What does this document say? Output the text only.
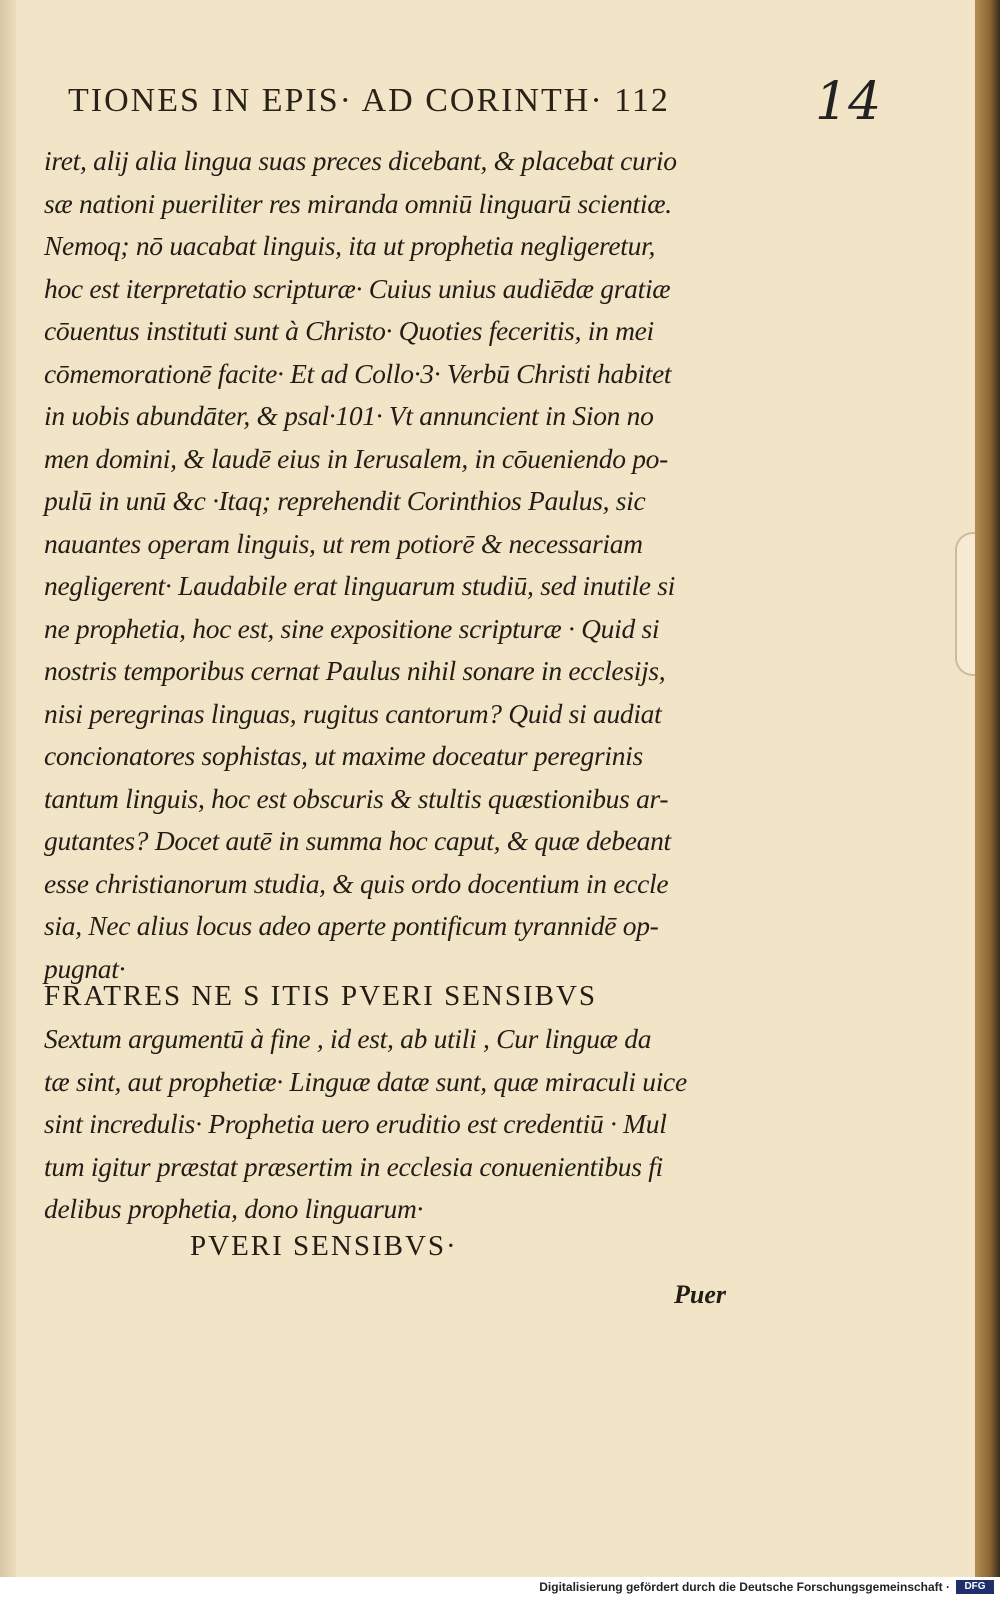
TIONES IN EPIS· AD CORINTH· 112	14
iret, alij alia lingua suas preces dicebant, & placebat curio
sæ nationi pueriliter res miranda omniū linguarū scientiæ.
Nemoq; nō uacabat linguis, ita ut prophetia negligeretur,
hoc est iterpretatio scripturæ· Cuius unius audiēdæ gratiæ
cōuentus instituti sunt à Christo· Quoties feceritis, in mei
cōmemorationē facite· Et ad Collo·3· Verbū Christi habitet
in uobis abundāter, & psal·101· Vt annuncient in Sion no
men domini, & laudē eius in Ierusalem, in cōueniendo po-
pulū in unū &c ·Itaq; reprehendit Corinthios Paulus, sic
nauantes operam linguis, ut rem potiorē & necessariam
negligerent· Laudabile erat linguarum studiū, sed inutile si
ne prophetia, hoc est, sine expositione scripturæ · Quid si
nostris temporibus cernat Paulus nihil sonare in ecclesijs,
nisi peregrinas linguas, rugitus cantorum? Quid si audiat
concionatores sophistas, ut maxime doceatur peregrinis
tantum linguis, hoc est obscuris & stultis quæstionibus ar-
gutantes? Docet autē in summa hoc caput, & quæ debeant
esse christianorum studia, & quis ordo docentium in eccle
sia, Nec alius locus adeo aperte pontificum tyrannidē op-
pugnat·
FRATRES NE S ITIS PVERI SENSIBVS
Sextum argumentū à fine , id est, ab utili , Cur linguæ da
tæ sint, aut prophetiæ· Linguæ datæ sunt, quæ miraculi uice
sint incredulis· Prophetia uero eruditio est credentiū · Mul
tum igitur præstat præsertim in ecclesia conuenientibus fi
delibus prophetia, dono linguarum·
PVERI SENSIBVS·
Puer
Digitalisierung gefördert durch die Deutsche Forschungsgemeinschaft ·	DFG
